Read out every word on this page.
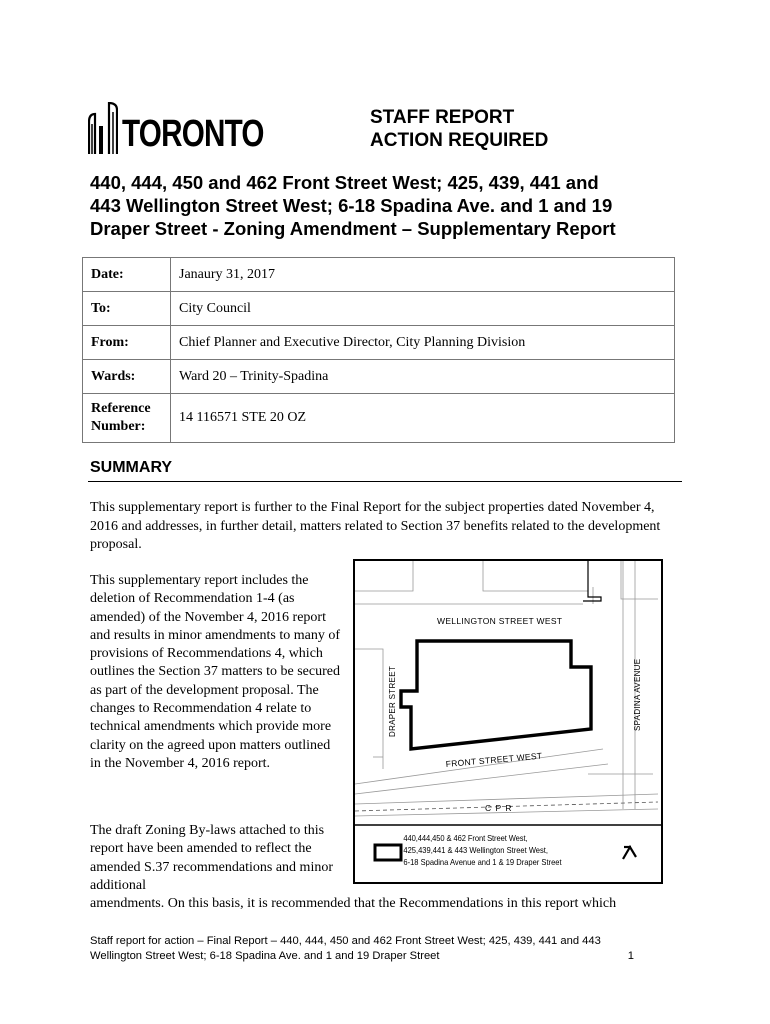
TORONTO	STAFF REPORT
ACTION REQUIRED
440, 444, 450 and 462 Front Street West; 425, 439, 441 and
443 Wellington Street West; 6-18 Spadina Ave. and 1 and 19
Draper Street - Zoning Amendment – Supplementary Report
Date:	Janaury 31, 2017
To:	City Council
From:	Chief Planner and Executive Director, City Planning Division
Wards:	Ward 20 – Trinity-Spadina

Reference
Number:	14 116571 STE 20 OZ
SUMMARY
This supplementary report is further to the Final Report for the subject properties dated November 4, 2016 and addresses, in further detail, matters related to Section 37 benefits related to the development proposal.
This supplementary report includes the deletion of Recommendation 1-4 (as amended) of the November 4, 2016 report and results in minor amendments to many of provisions of Recommendations 4, which outlines the Section 37 matters to be secured as part of the development proposal. The changes to Recommendation 4 relate to technical amendments which provide more clarity on the agreed upon matters outlined in the November 4, 2016 report.
The draft Zoning By-laws attached to this report have been amended to reflect the amended S.37 recommendations and minor additional
amendments. On this basis, it is recommended that the Recommendations in this report which
WELLINGTON STREET WEST
FRONT STREET WEST
DRAPER STREET	SPADINA AVENUE
C P R
440,444,450 & 462 Front Street West,
425,439,441 & 443 Wellington Street West,
6-18 Spadina Avenue and 1 & 19 Draper Street
Staff report for action – Final Report – 440, 444, 450 and 462 Front Street West; 425, 439, 441 and 443
Wellington Street West; 6-18 Spadina Ave. and 1 and 19 Draper Street	1
